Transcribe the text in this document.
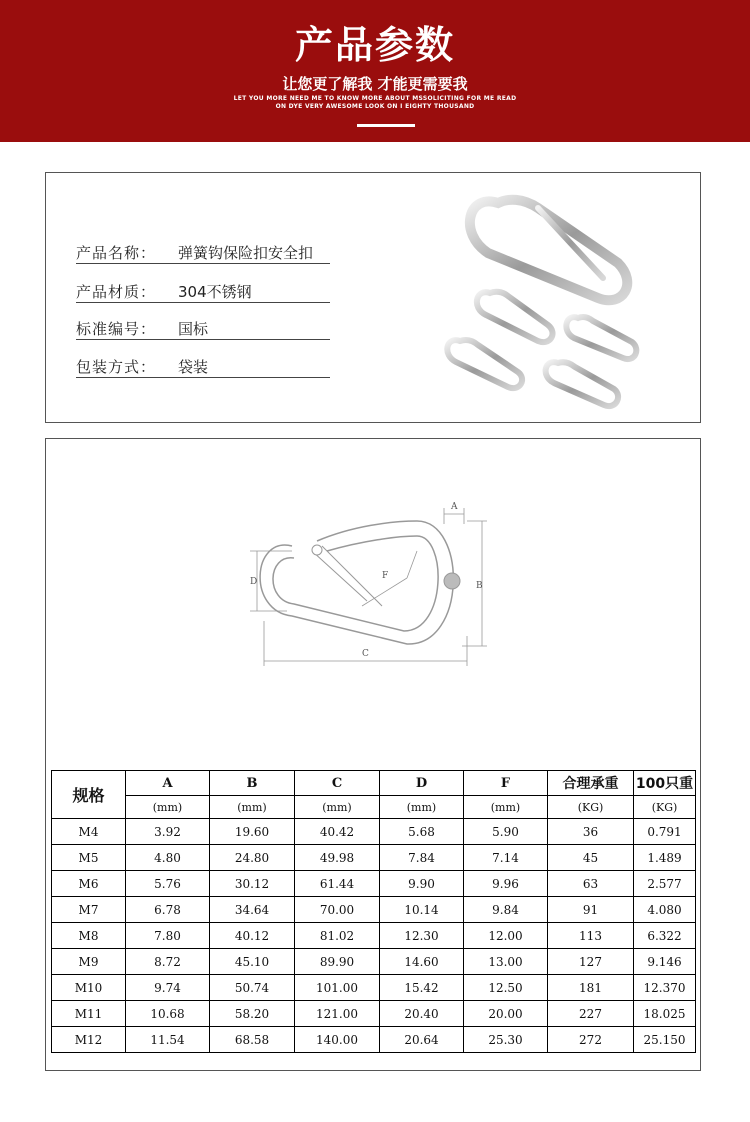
产品参数
让您更了解我 才能更需要我
LET YOU MORE NEED ME TO KNOW MORE ABOUT MSSOLICITING FOR ME READ
ON DYE VERY AWESOME LOOK ON I EIGHTY THOUSAND
产品名称： 弹簧钩保险扣安全扣
产品材质： 304不锈钢
标准编号： 国标
包装方式： 袋装
A
B
C
D
F
规格	A	B	C	D	F	合理承重	100只重
	(mm)	(mm)	(mm)	(mm)	(mm)	(KG)	(KG)
M4	3.92	19.60	40.42	5.68	5.90	36	0.791
M5	4.80	24.80	49.98	7.84	7.14	45	1.489
M6	5.76	30.12	61.44	9.90	9.96	63	2.577
M7	6.78	34.64	70.00	10.14	9.84	91	4.080
M8	7.80	40.12	81.02	12.30	12.00	113	6.322
M9	8.72	45.10	89.90	14.60	13.00	127	9.146
M10	9.74	50.74	101.00	15.42	12.50	181	12.370
M11	10.68	58.20	121.00	20.40	20.00	227	18.025
M12	11.54	68.58	140.00	20.64	25.30	272	25.150
